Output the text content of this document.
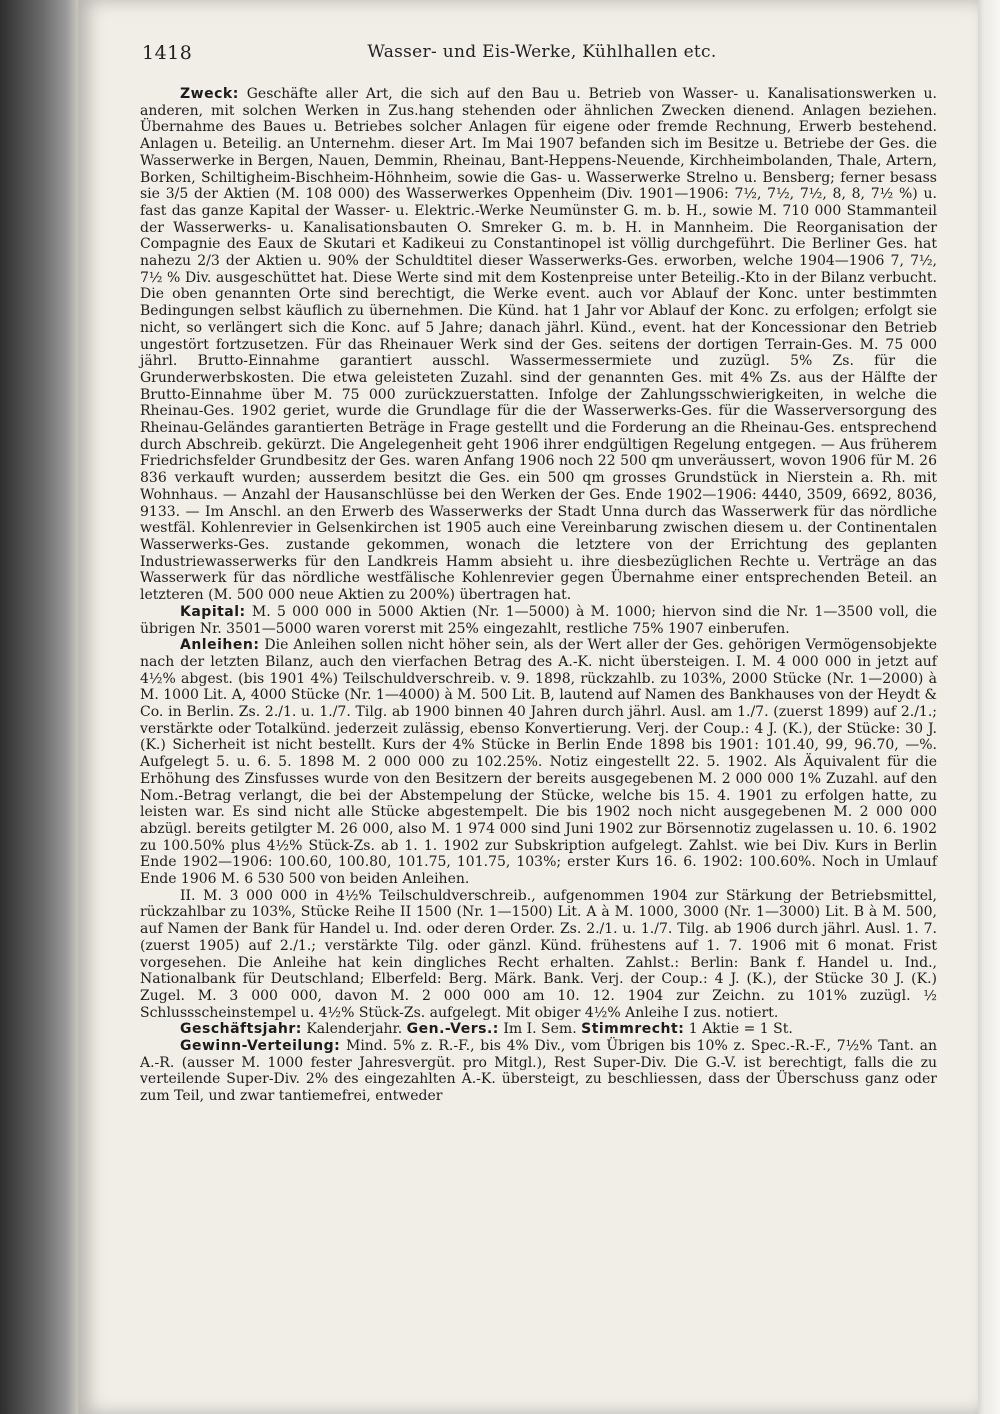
1418	Wasser- und Eis-Werke, Kühlhallen etc.

Zweck: Geschäfte aller Art, die sich auf den Bau u. Betrieb von Wasser- u. Kanalisationswerken u. anderen, mit solchen Werken in Zus.hang stehenden oder ähnlichen Zwecken dienend. Anlagen beziehen. Übernahme des Baues u. Betriebes solcher Anlagen für eigene oder fremde Rechnung, Erwerb bestehend. Anlagen u. Beteilig. an Unternehm. dieser Art. Im Mai 1907 befanden sich im Besitze u. Betriebe der Ges. die Wasserwerke in Bergen, Nauen, Demmin, Rheinau, Bant-Heppens-Neuende, Kirchheimbolanden, Thale, Artern, Borken, Schiltigheim-Bischheim-Höhnheim, sowie die Gas- u. Wasserwerke Strelno u. Bensberg; ferner besass sie 3/5 der Aktien (M. 108 000) des Wasserwerkes Oppenheim (Div. 1901—1906: 7½, 7½, 7½, 8, 8, 7½ %) u. fast das ganze Kapital der Wasser- u. Elektric.-Werke Neumünster G. m. b. H., sowie M. 710 000 Stammanteil der Wasserwerks- u. Kanalisationsbauten O. Smreker G. m. b. H. in Mannheim. Die Reorganisation der Compagnie des Eaux de Skutari et Kadikeui zu Constantinopel ist völlig durchgeführt. Die Berliner Ges. hat nahezu 2/3 der Aktien u. 90% der Schuldtitel dieser Wasserwerks-Ges. erworben, welche 1904—1906 7, 7½, 7½ % Div. ausgeschüttet hat. Diese Werte sind mit dem Kostenpreise unter Beteilig.-Kto in der Bilanz verbucht. Die oben genannten Orte sind berechtigt, die Werke event. auch vor Ablauf der Konc. unter bestimmten Bedingungen selbst käuflich zu übernehmen. Die Künd. hat 1 Jahr vor Ablauf der Konc. zu erfolgen; erfolgt sie nicht, so verlängert sich die Konc. auf 5 Jahre; danach jährl. Künd., event. hat der Koncessionar den Betrieb ungestört fortzusetzen. Für das Rheinauer Werk sind der Ges. seitens der dortigen Terrain-Ges. M. 75 000 jährl. Brutto-Einnahme garantiert ausschl. Wassermessermiete und zuzügl. 5% Zs. für die Grunderwerbskosten. Die etwa geleisteten Zuzahl. sind der genannten Ges. mit 4% Zs. aus der Hälfte der Brutto-Einnahme über M. 75 000 zurückzuerstatten. Infolge der Zahlungsschwierigkeiten, in welche die Rheinau-Ges. 1902 geriet, wurde die Grundlage für die der Wasserwerks-Ges. für die Wasserversorgung des Rheinau-Geländes garantierten Beträge in Frage gestellt und die Forderung an die Rheinau-Ges. entsprechend durch Abschreib. gekürzt. Die Angelegenheit geht 1906 ihrer endgültigen Regelung entgegen. — Aus früherem Friedrichsfelder Grundbesitz der Ges. waren Anfang 1906 noch 22 500 qm unveräussert, wovon 1906 für M. 26 836 verkauft wurden; ausserdem besitzt die Ges. ein 500 qm grosses Grundstück in Nierstein a. Rh. mit Wohnhaus. — Anzahl der Hausanschlüsse bei den Werken der Ges. Ende 1902—1906: 4440, 3509, 6692, 8036, 9133. — Im Anschl. an den Erwerb des Wasserwerks der Stadt Unna durch das Wasserwerk für das nördliche westfäl. Kohlenrevier in Gelsenkirchen ist 1905 auch eine Vereinbarung zwischen diesem u. der Continentalen Wasserwerks-Ges. zustande gekommen, wonach die letztere von der Errichtung des geplanten Industriewasserwerks für den Landkreis Hamm absieht u. ihre diesbezüglichen Rechte u. Verträge an das Wasserwerk für das nördliche westfälische Kohlenrevier gegen Übernahme einer entsprechenden Beteil. an letzteren (M. 500 000 neue Aktien zu 200%) übertragen hat.

Kapital: M. 5 000 000 in 5000 Aktien (Nr. 1—5000) à M. 1000; hiervon sind die Nr. 1—3500 voll, die übrigen Nr. 3501—5000 waren vorerst mit 25% eingezahlt, restliche 75% 1907 einberufen.

Anleihen: Die Anleihen sollen nicht höher sein, als der Wert aller der Ges. gehörigen Vermögensobjekte nach der letzten Bilanz, auch den vierfachen Betrag des A.-K. nicht übersteigen. I. M. 4 000 000 in jetzt auf 4½% abgest. (bis 1901 4%) Teilschuldverschreib. v. 9. 1898, rückzahlb. zu 103%, 2000 Stücke (Nr. 1—2000) à M. 1000 Lit. A, 4000 Stücke (Nr. 1—4000) à M. 500 Lit. B, lautend auf Namen des Bankhauses von der Heydt & Co. in Berlin. Zs. 2./1. u. 1./7. Tilg. ab 1900 binnen 40 Jahren durch jährl. Ausl. am 1./7. (zuerst 1899) auf 2./1.; verstärkte oder Totalkünd. jederzeit zulässig, ebenso Konvertierung. Verj. der Coup.: 4 J. (K.), der Stücke: 30 J. (K.) Sicherheit ist nicht bestellt. Kurs der 4% Stücke in Berlin Ende 1898 bis 1901: 101.40, 99, 96.70, —%. Aufgelegt 5. u. 6. 5. 1898 M. 2 000 000 zu 102.25%. Notiz eingestellt 22. 5. 1902. Als Äquivalent für die Erhöhung des Zinsfusses wurde von den Besitzern der bereits ausgegebenen M. 2 000 000 1% Zuzahl. auf den Nom.-Betrag verlangt, die bei der Abstempelung der Stücke, welche bis 15. 4. 1901 zu erfolgen hatte, zu leisten war. Es sind nicht alle Stücke abgestempelt. Die bis 1902 noch nicht ausgegebenen M. 2 000 000 abzügl. bereits getilgter M. 26 000, also M. 1 974 000 sind Juni 1902 zur Börsennotiz zugelassen u. 10. 6. 1902 zu 100.50% plus 4½% Stück-Zs. ab 1. 1. 1902 zur Subskription aufgelegt. Zahlst. wie bei Div. Kurs in Berlin Ende 1902—1906: 100.60, 100.80, 101.75, 101.75, 103%; erster Kurs 16. 6. 1902: 100.60%. Noch in Umlauf Ende 1906 M. 6 530 500 von beiden Anleihen.

II. M. 3 000 000 in 4½% Teilschuldverschreib., aufgenommen 1904 zur Stärkung der Betriebsmittel, rückzahlbar zu 103%, Stücke Reihe II 1500 (Nr. 1—1500) Lit. A à M. 1000, 3000 (Nr. 1—3000) Lit. B à M. 500, auf Namen der Bank für Handel u. Ind. oder deren Order. Zs. 2./1. u. 1./7. Tilg. ab 1906 durch jährl. Ausl. 1. 7. (zuerst 1905) auf 2./1.; verstärkte Tilg. oder gänzl. Künd. frühestens auf 1. 7. 1906 mit 6 monat. Frist vorgesehen. Die Anleihe hat kein dingliches Recht erhalten. Zahlst.: Berlin: Bank f. Handel u. Ind., Nationalbank für Deutschland; Elberfeld: Berg. Märk. Bank. Verj. der Coup.: 4 J. (K.), der Stücke 30 J. (K.) Zugel. M. 3 000 000, davon M. 2 000 000 am 10. 12. 1904 zur Zeichn. zu 101% zuzügl. ½ Schlussscheinstempel u. 4½% Stück-Zs. aufgelegt. Mit obiger 4½% Anleihe I zus. notiert.

Geschäftsjahr: Kalenderjahr. Gen.-Vers.: Im I. Sem. Stimmrecht: 1 Aktie = 1 St.

Gewinn-Verteilung: Mind. 5% z. R.-F., bis 4% Div., vom Übrigen bis 10% z. Spec.-R.-F., 7½% Tant. an A.-R. (ausser M. 1000 fester Jahresvergüt. pro Mitgl.), Rest Super-Div. Die G.-V. ist berechtigt, falls die zu verteilende Super-Div. 2% des eingezahlten A.-K. übersteigt, zu beschliessen, dass der Überschuss ganz oder zum Teil, und zwar tantiemefrei, entweder
